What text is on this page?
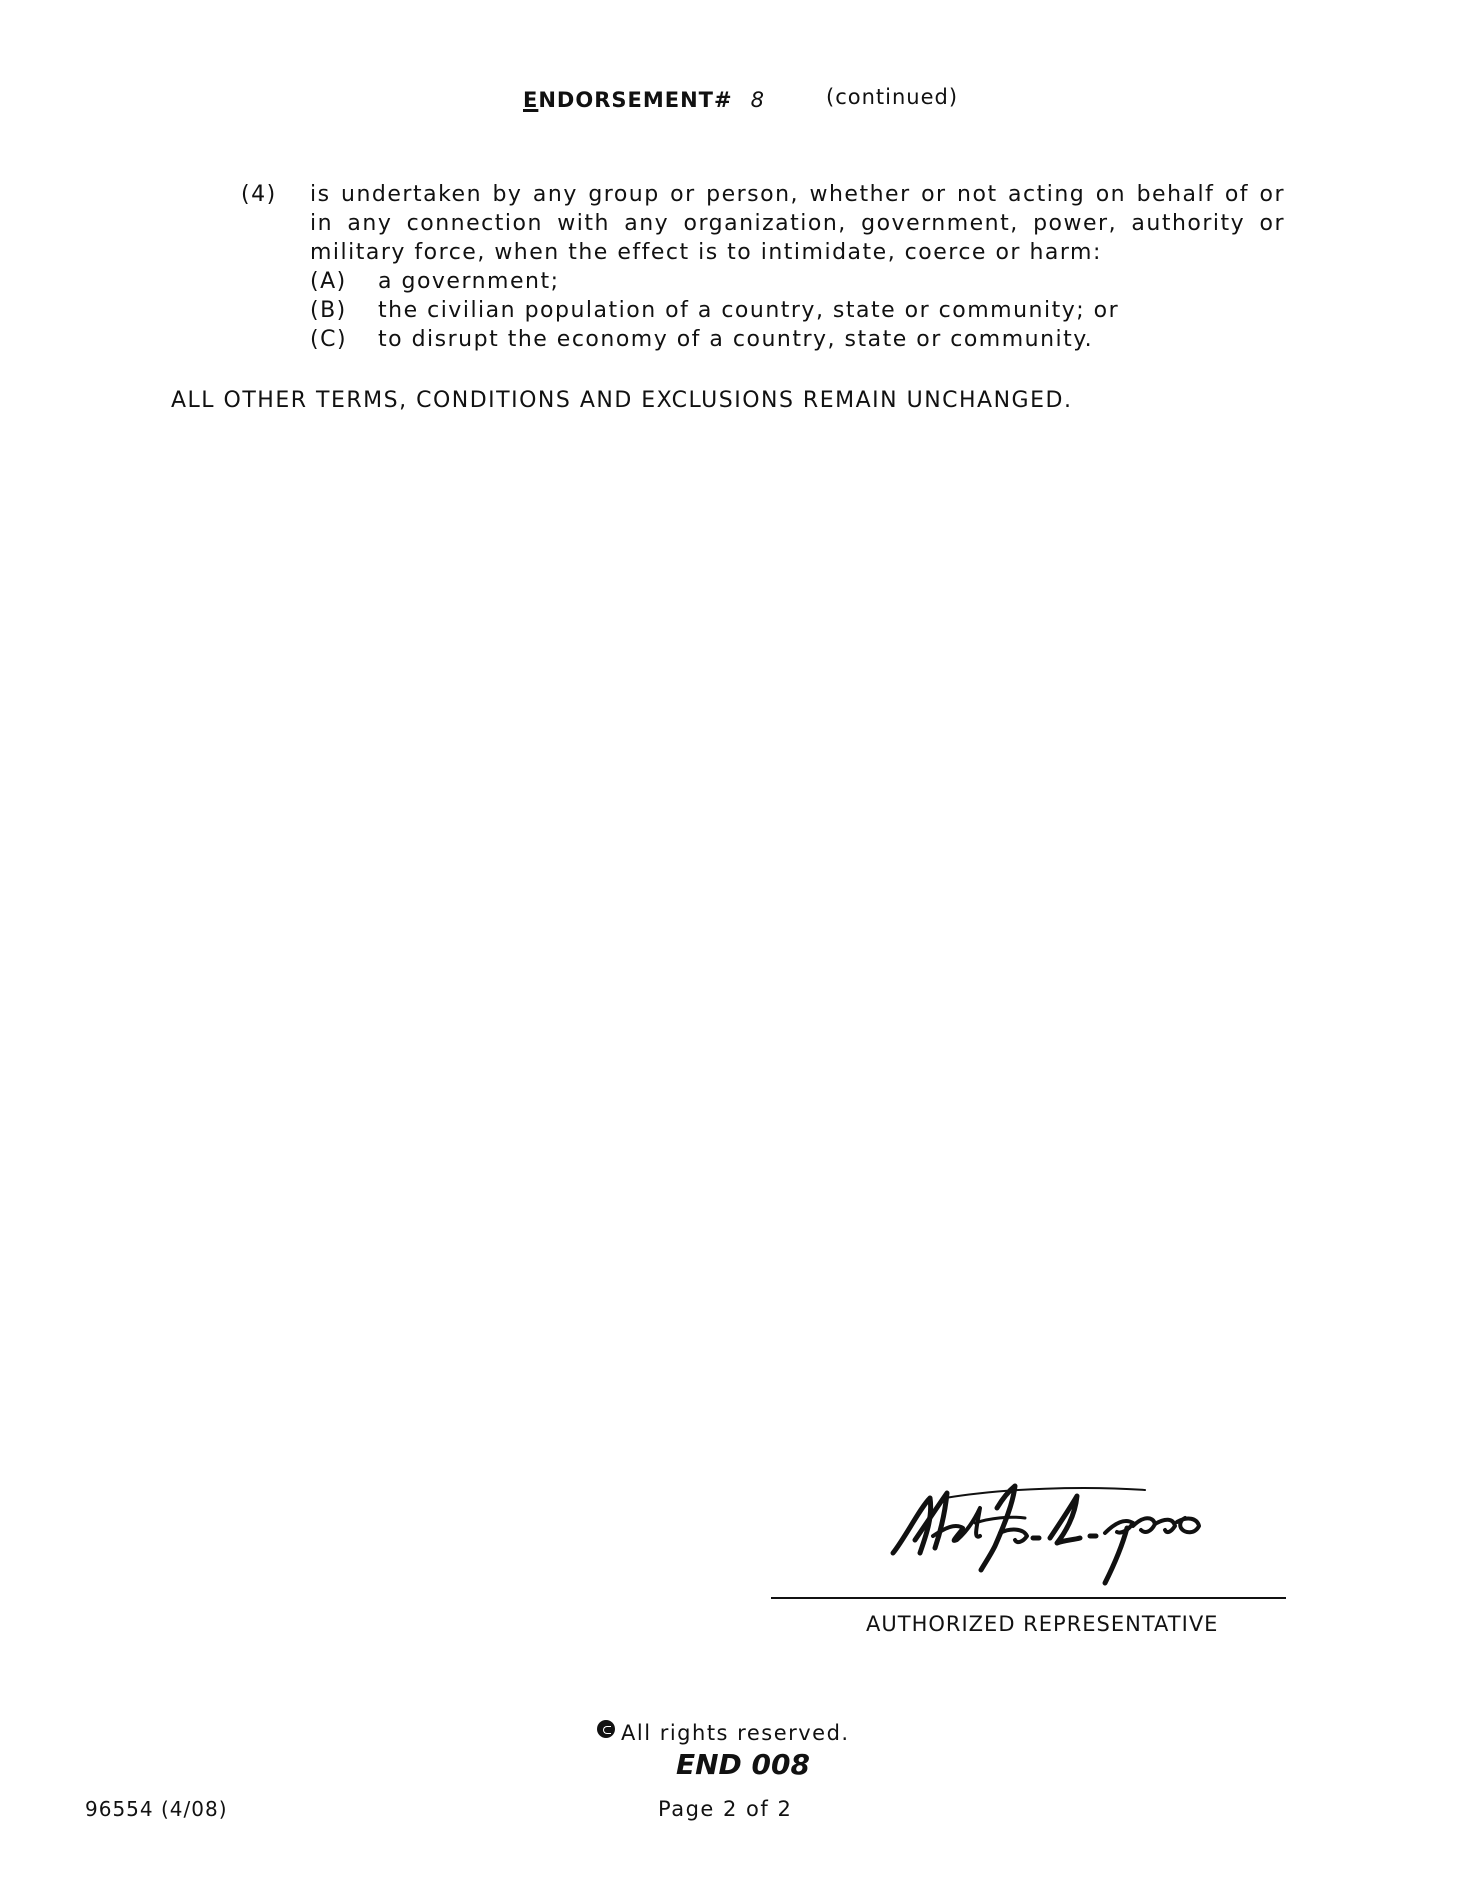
ENDORSEMENT# 8	(continued)
(4) is undertaken by any group or person, whether or not acting on behalf of or in any connection with any organization, government, power, authority or military force, when the effect is to intimidate, coerce or harm:
(A) a government;
(B) the civilian population of a country, state or community; or
(C) to disrupt the economy of a country, state or community.
ALL OTHER TERMS, CONDITIONS AND EXCLUSIONS REMAIN UNCHANGED.
AUTHORIZED REPRESENTATIVE
All rights reserved.
END 008
96554 (4/08)	Page 2 of 2
